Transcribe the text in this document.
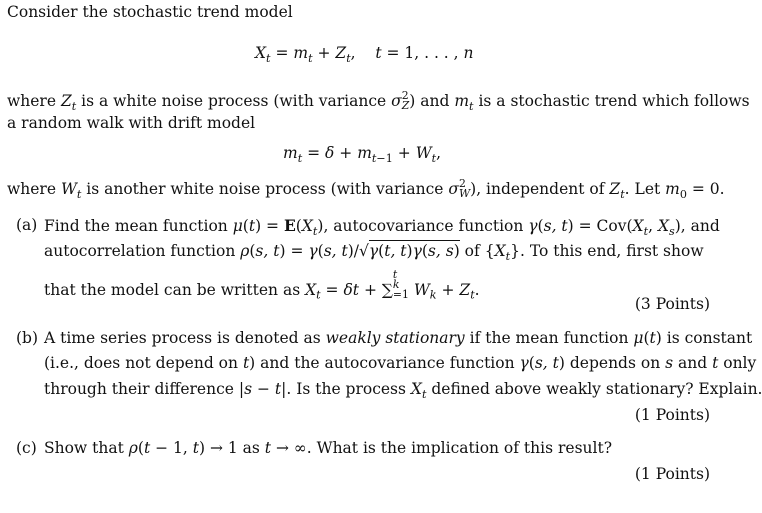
Consider the stochastic trend model
$X_t = m_t + Z_t$,    t = 1, . . . , n
where $Z_t$ is a white noise process (with variance σ 2
Z ) and $m_t$ is a stochastic trend which follows
a random walk with drift model
$m_t = \delta + m_{t-1} + W_t$,
where $W_t$ is another white noise process (with variance σ 2
W ), independent of $Z_t$. Let $m_0 = 0$.
(a) Find the mean function $\mu(t) = E(X_t)$, autocovariance function γ(s, $t) = Cov(X_t$, $X_s$), and
autocorrelation function ρ(s, t) = γ(s, t)/√γ(t, t)γ(s, s) of $\{X_t\}$. To this end, first show
that the model can be written as $X_t = \delta t$ + ∑
t
k
=1 $W_k + Z_t$.
(3 Points)
(b) A time series process is denoted as weakly stationary if the mean function μ(t) is constant
(i.e., does not depend on t) and the autocovariance function γ(s, t) depends on s and t only
through their difference |s − t|. Is the process $X_t$ defined above weakly stationary? Explain.
(1 Points)
(c) Show that ρ(t − 1, t) → 1 as t → ∞. What is the implication of this result?
(1 Points)
